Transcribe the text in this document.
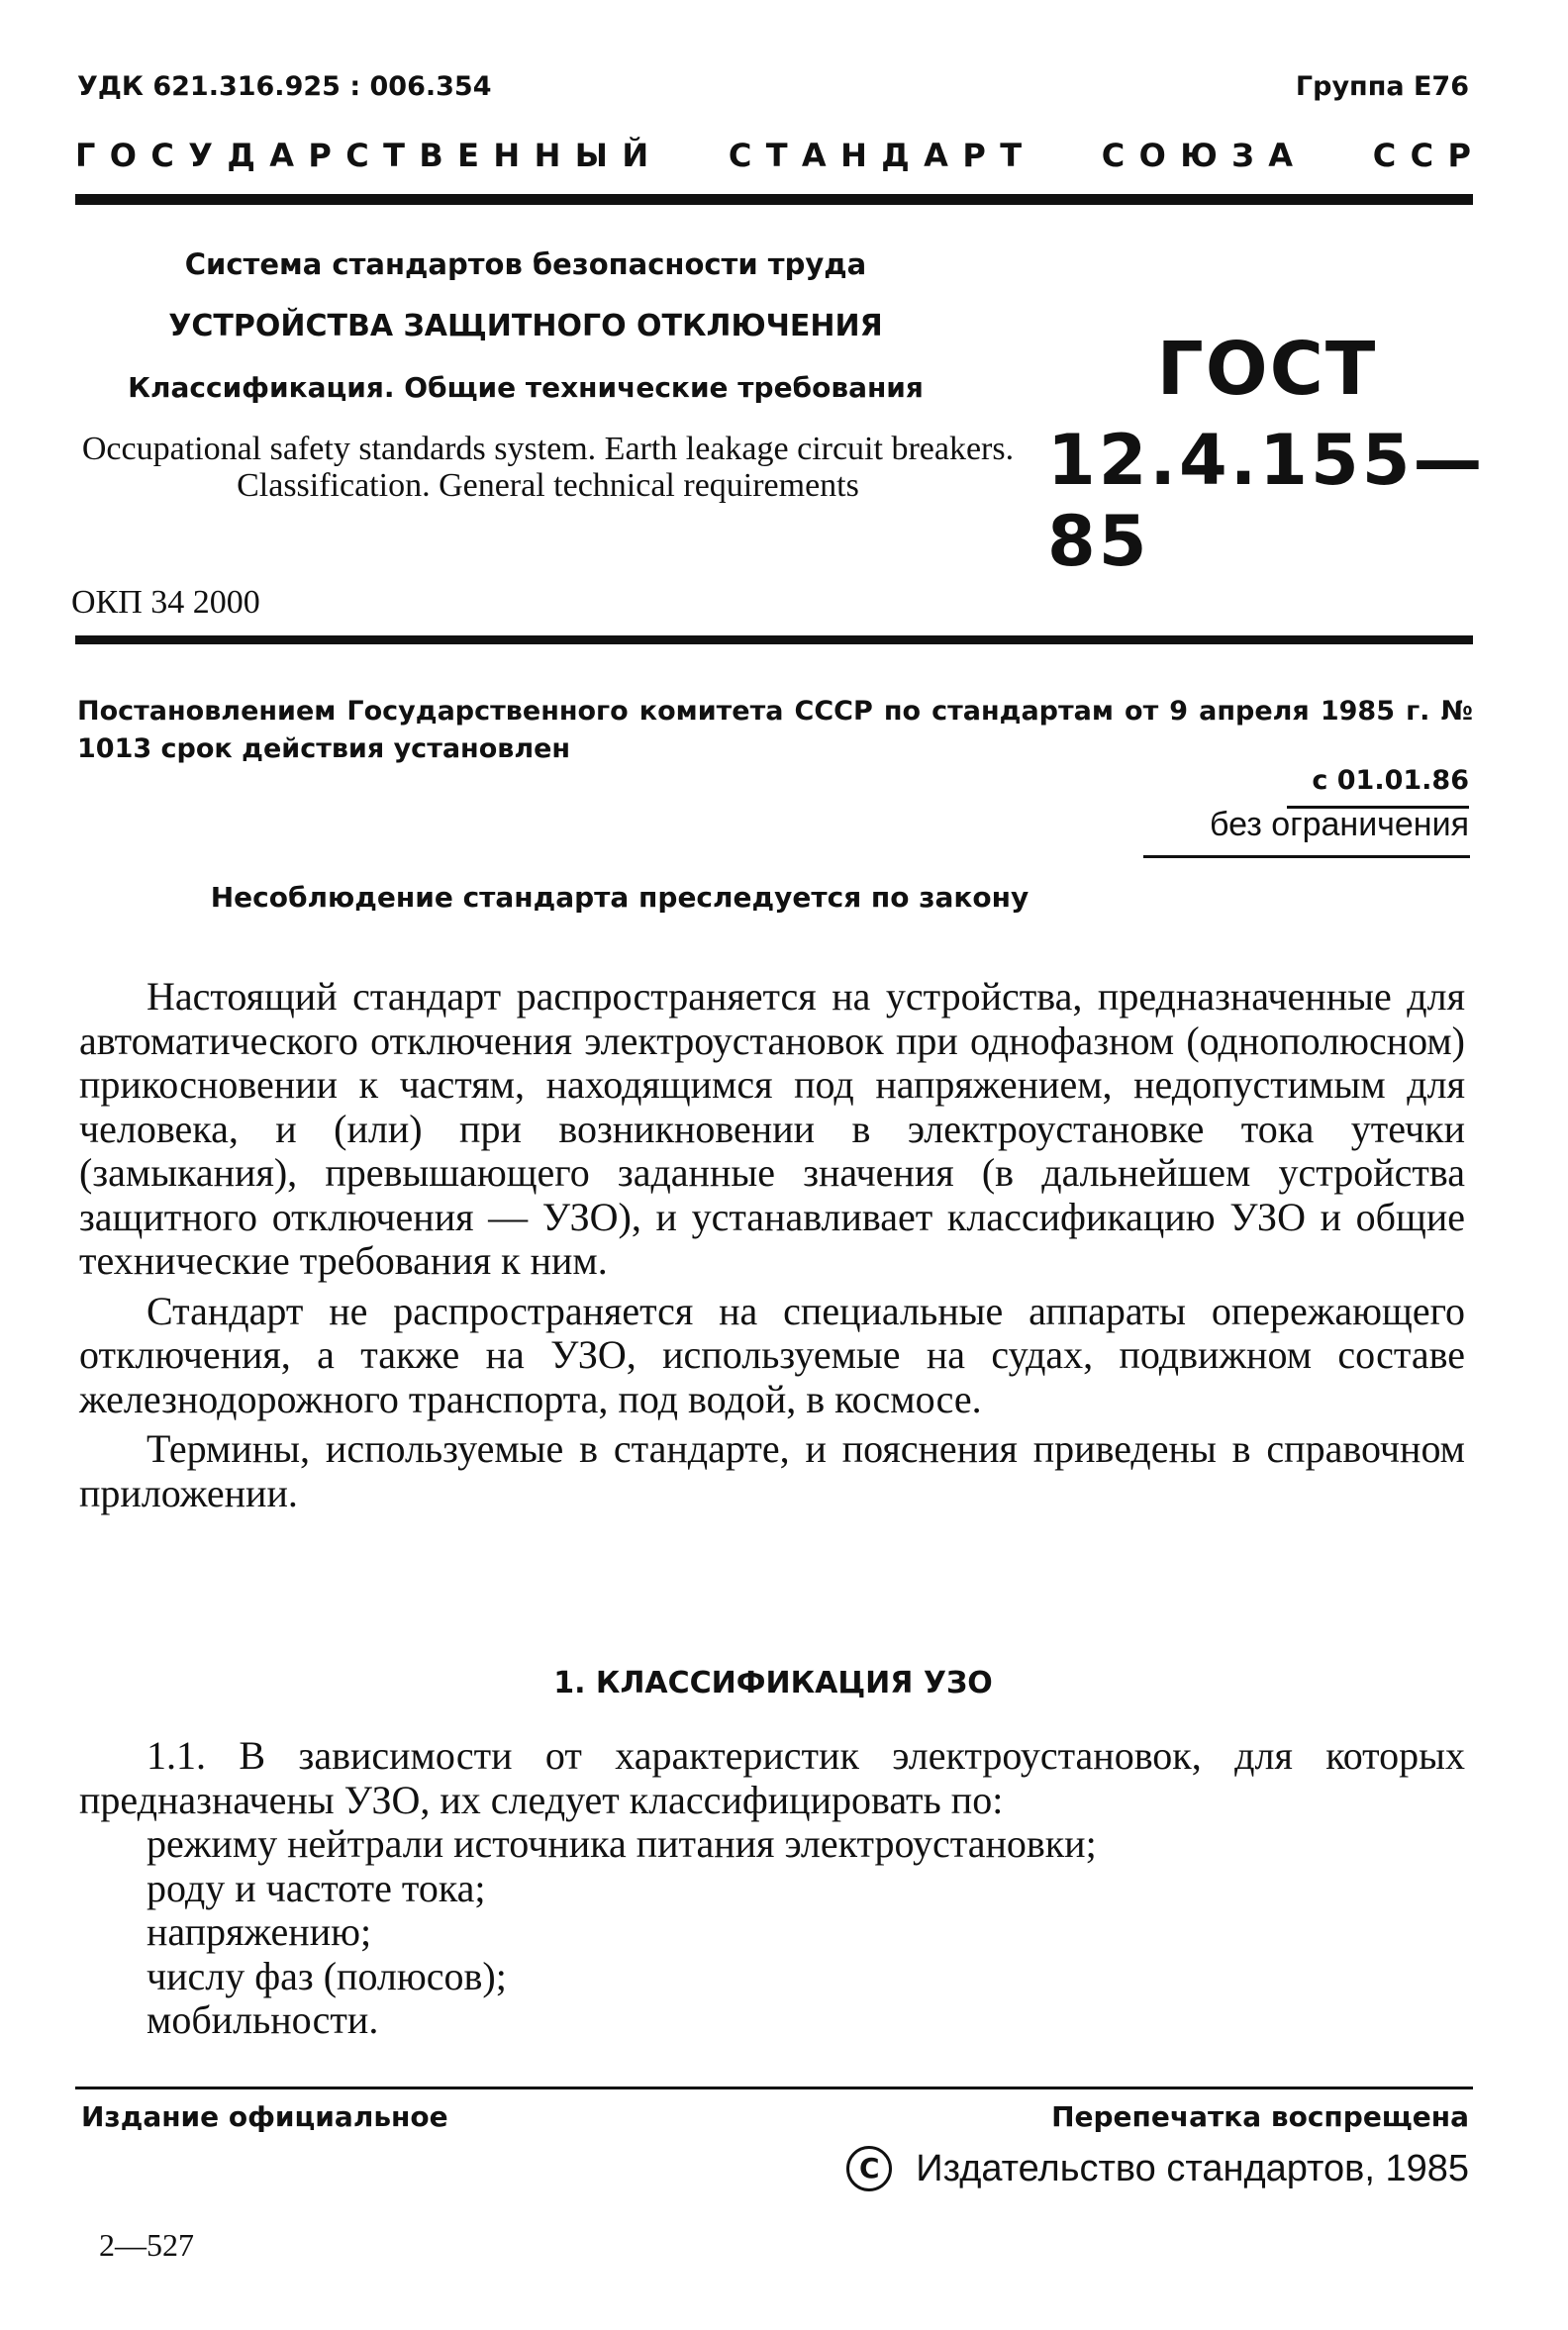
УДК 621.316.925 : 006.354	Группа Е76
ГОСУДАРСТВЕННЫЙ СТАНДАРТ СОЮЗА ССР
Система стандартов безопасности труда
УСТРОЙСТВА ЗАЩИТНОГО ОТКЛЮЧЕНИЯ
Классификация. Общие технические требования
Occupational safety standards system. Earth leakage circuit breakers. Classification. General technical requirements
ГОСТ
12.4.155—85
ОКП 34 2000
Постановлением Государственного комитета СССР по стандартам от 9 апреля 1985 г. № 1013 срок действия установлен
с 01.01.86
без ограничения
Несоблюдение стандарта преследуется по закону

Настоящий стандарт распространяется на устройства, предназначенные для автоматического отключения электроустановок при однофазном (однополюсном) прикосновении к частям, находящимся под напряжением, недопустимым для человека, и (или) при возникновении в электроустановке тока утечки (замыкания), превышающего заданные значения (в дальнейшем устройства защитного отключения — УЗО), и устанавливает классификацию УЗО и общие технические требования к ним.

Стандарт не распространяется на специальные аппараты опережающего отключения, а также на УЗО, используемые на судах, подвижном составе железнодорожного транспорта, под водой, в космосе.

Термины, используемые в стандарте, и пояснения приведены в справочном приложении.

1. КЛАССИФИКАЦИЯ УЗО

1.1. В зависимости от характеристик электроустановок, для которых предназначены УЗО, их следует классифицировать по:

режиму нейтрали источника питания электроустановки;
роду и частоте тока;
напряжению;
числу фаз (полюсов);
мобильности.
Издание официальное	Перепечатка воспрещена
C Издательство стандартов, 1985
2—527
